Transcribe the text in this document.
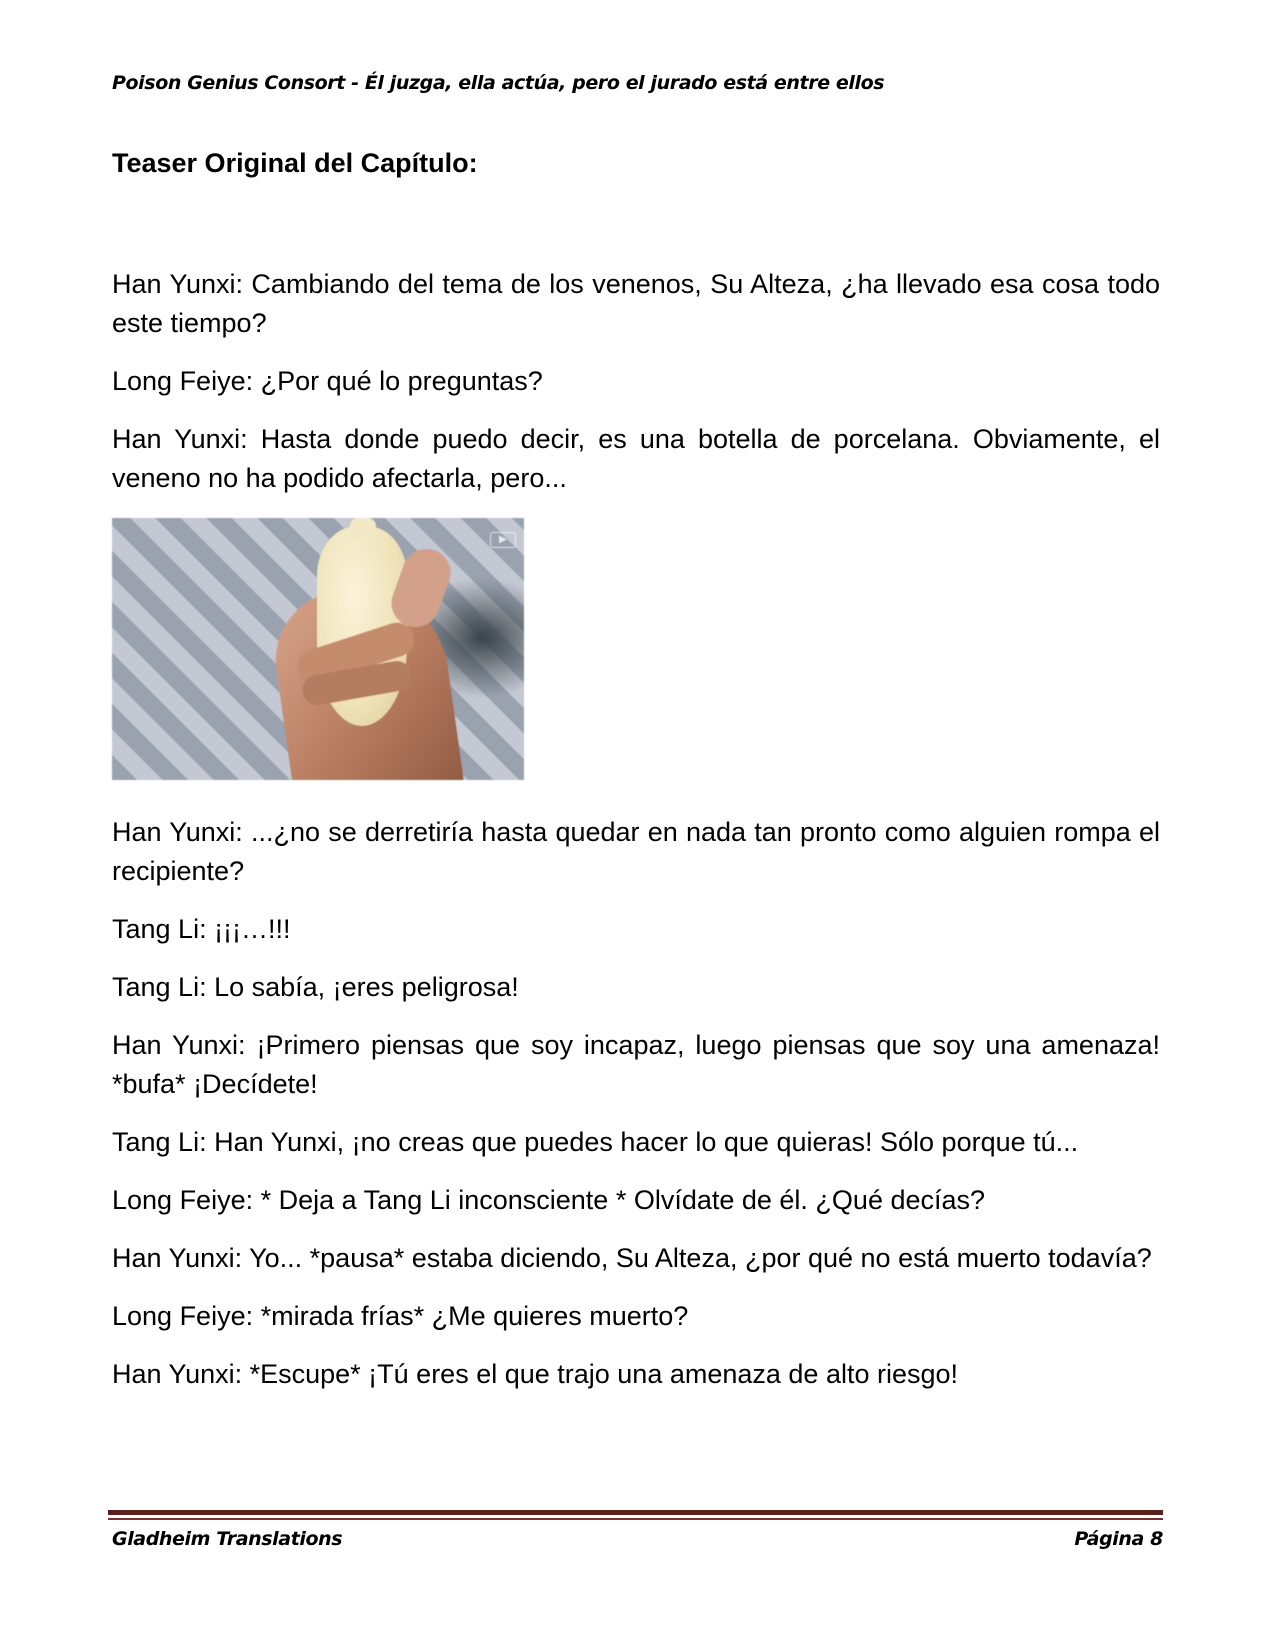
Poison Genius Consort - Él juzga, ella actúa, pero el jurado está entre ellos
Teaser Original del Capítulo:

Han Yunxi: Cambiando del tema de los venenos, Su Alteza, ¿ha llevado esa cosa todo este tiempo?

Long Feiye: ¿Por qué lo preguntas?

Han Yunxi: Hasta donde puedo decir, es una botella de porcelana. Obviamente, el veneno no ha podido afectarla, pero...

▶

Han Yunxi: ...¿no se derretiría hasta quedar en nada tan pronto como alguien rompa el recipiente?

Tang Li: ¡¡¡…!!!

Tang Li: Lo sabía, ¡eres peligrosa!

Han Yunxi: ¡Primero piensas que soy incapaz, luego piensas que soy una amenaza! *bufa* ¡Decídete!

Tang Li: Han Yunxi, ¡no creas que puedes hacer lo que quieras! Sólo porque tú...

Long Feiye: * Deja a Tang Li inconsciente * Olvídate de él. ¿Qué decías?

Han Yunxi: Yo... *pausa* estaba diciendo, Su Alteza, ¿por qué no está muerto todavía?

Long Feiye: *mirada frías* ¿Me quieres muerto?

Han Yunxi: *Escupe* ¡Tú eres el que trajo una amenaza de alto riesgo!

Gladheim Translations	Página 8
